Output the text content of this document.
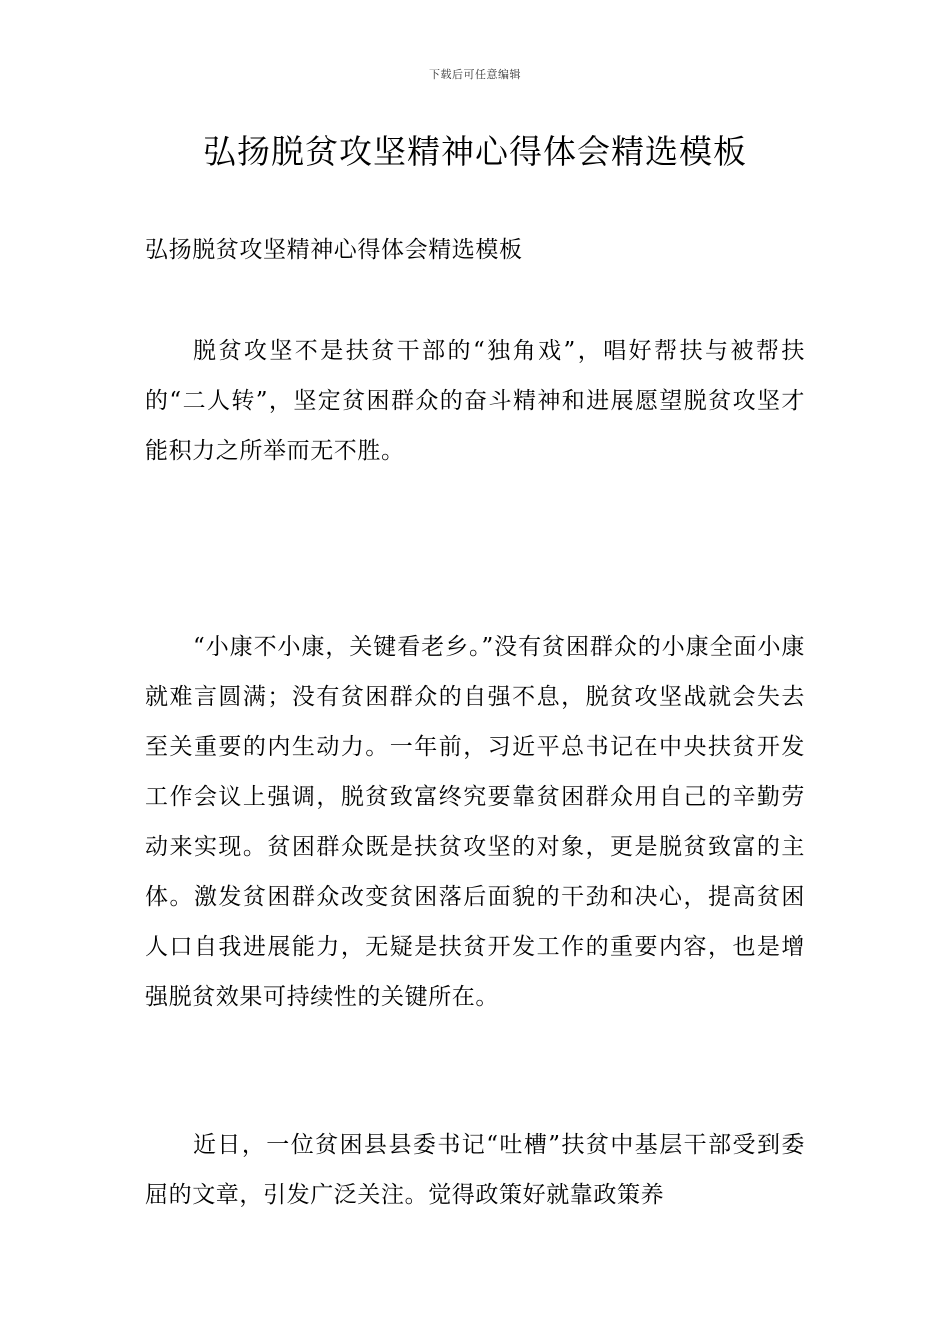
下载后可任意编辑
弘扬脱贫攻坚精神心得体会精选模板

弘扬脱贫攻坚精神心得体会精选模板

脱贫攻坚不是扶贫干部的“独角戏”，唱好帮扶与被帮扶的“二人转”，坚定贫困群众的奋斗精神和进展愿望脱贫攻坚才能积力之所举而无不胜。

“小康不小康，关键看老乡。”没有贫困群众的小康全面小康就难言圆满；没有贫困群众的自强不息，脱贫攻坚战就会失去至关重要的内生动力。一年前，习近平总书记在中央扶贫开发工作会议上强调，脱贫致富终究要靠贫困群众用自己的辛勤劳动来实现。贫困群众既是扶贫攻坚的对象，更是脱贫致富的主体。激发贫困群众改变贫困落后面貌的干劲和决心，提高贫困人口自我进展能力，无疑是扶贫开发工作的重要内容，也是增强脱贫效果可持续性的关键所在。

近日，一位贫困县县委书记“吐槽”扶贫中基层干部受到委屈的文章，引发广泛关注。觉得政策好就靠政策养
